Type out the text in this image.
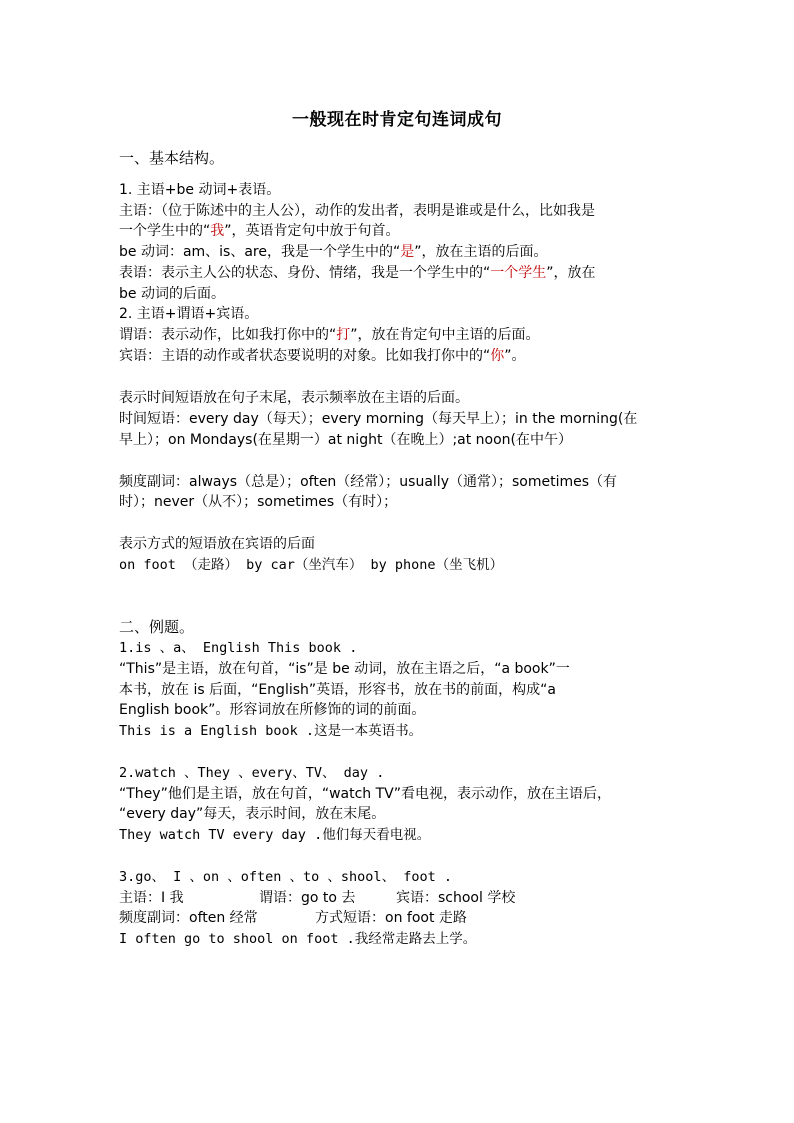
一般现在时肯定句连词成句
一、基本结构。
1. 主语+be 动词+表语。
主语：（位于陈述中的主人公），动作的发出者，表明是谁或是什么，比如我是
一个学生中的“我”，英语肯定句中放于句首。
be 动词：am、is、are，我是一个学生中的“是”，放在主语的后面。
表语：表示主人公的状态、身份、情绪，我是一个学生中的“一个学生”，放在
be 动词的后面。
2. 主语+谓语+宾语。
谓语：表示动作，比如我打你中的“打”，放在肯定句中主语的后面。
宾语：主语的动作或者状态要说明的对象。比如我打你中的“你”。
表示时间短语放在句子末尾，表示频率放在主语的后面。
时间短语：every day（每天）；every morning（每天早上）；in the morning(在
早上）；on Mondays(在星期一）at night（在晚上）;at noon(在中午）
频度副词：always（总是）；often（经常）；usually（通常）；sometimes（有
时）；never（从不）；sometimes（有时）；
表示方式的短语放在宾语的后面
on foot （走路） by car（坐汽车） by phone（坐飞机）
二、例题。
1.is 、a、 English This book .
“This”是主语，放在句首，“is”是 be 动词，放在主语之后，“a book”一
本书，放在 is 后面，“English”英语，形容书，放在书的前面，构成“a
English book”。形容词放在所修饰的词的前面。
This is a English book .这是一本英语书。
2.watch 、They 、every、TV、 day .
“They”他们是主语，放在句首，“watch TV”看电视，表示动作，放在主语后，
“every day”每天，表示时间，放在末尾。
They watch TV every day .他们每天看电视。
3.go、 I 、on 、often 、to 、shool、 foot .
主语：I 我	谓语：go to 去	宾语：school 学校
频度副词：often 经常	方式短语：on foot 走路
I often go to shool on foot .我经常走路去上学。
